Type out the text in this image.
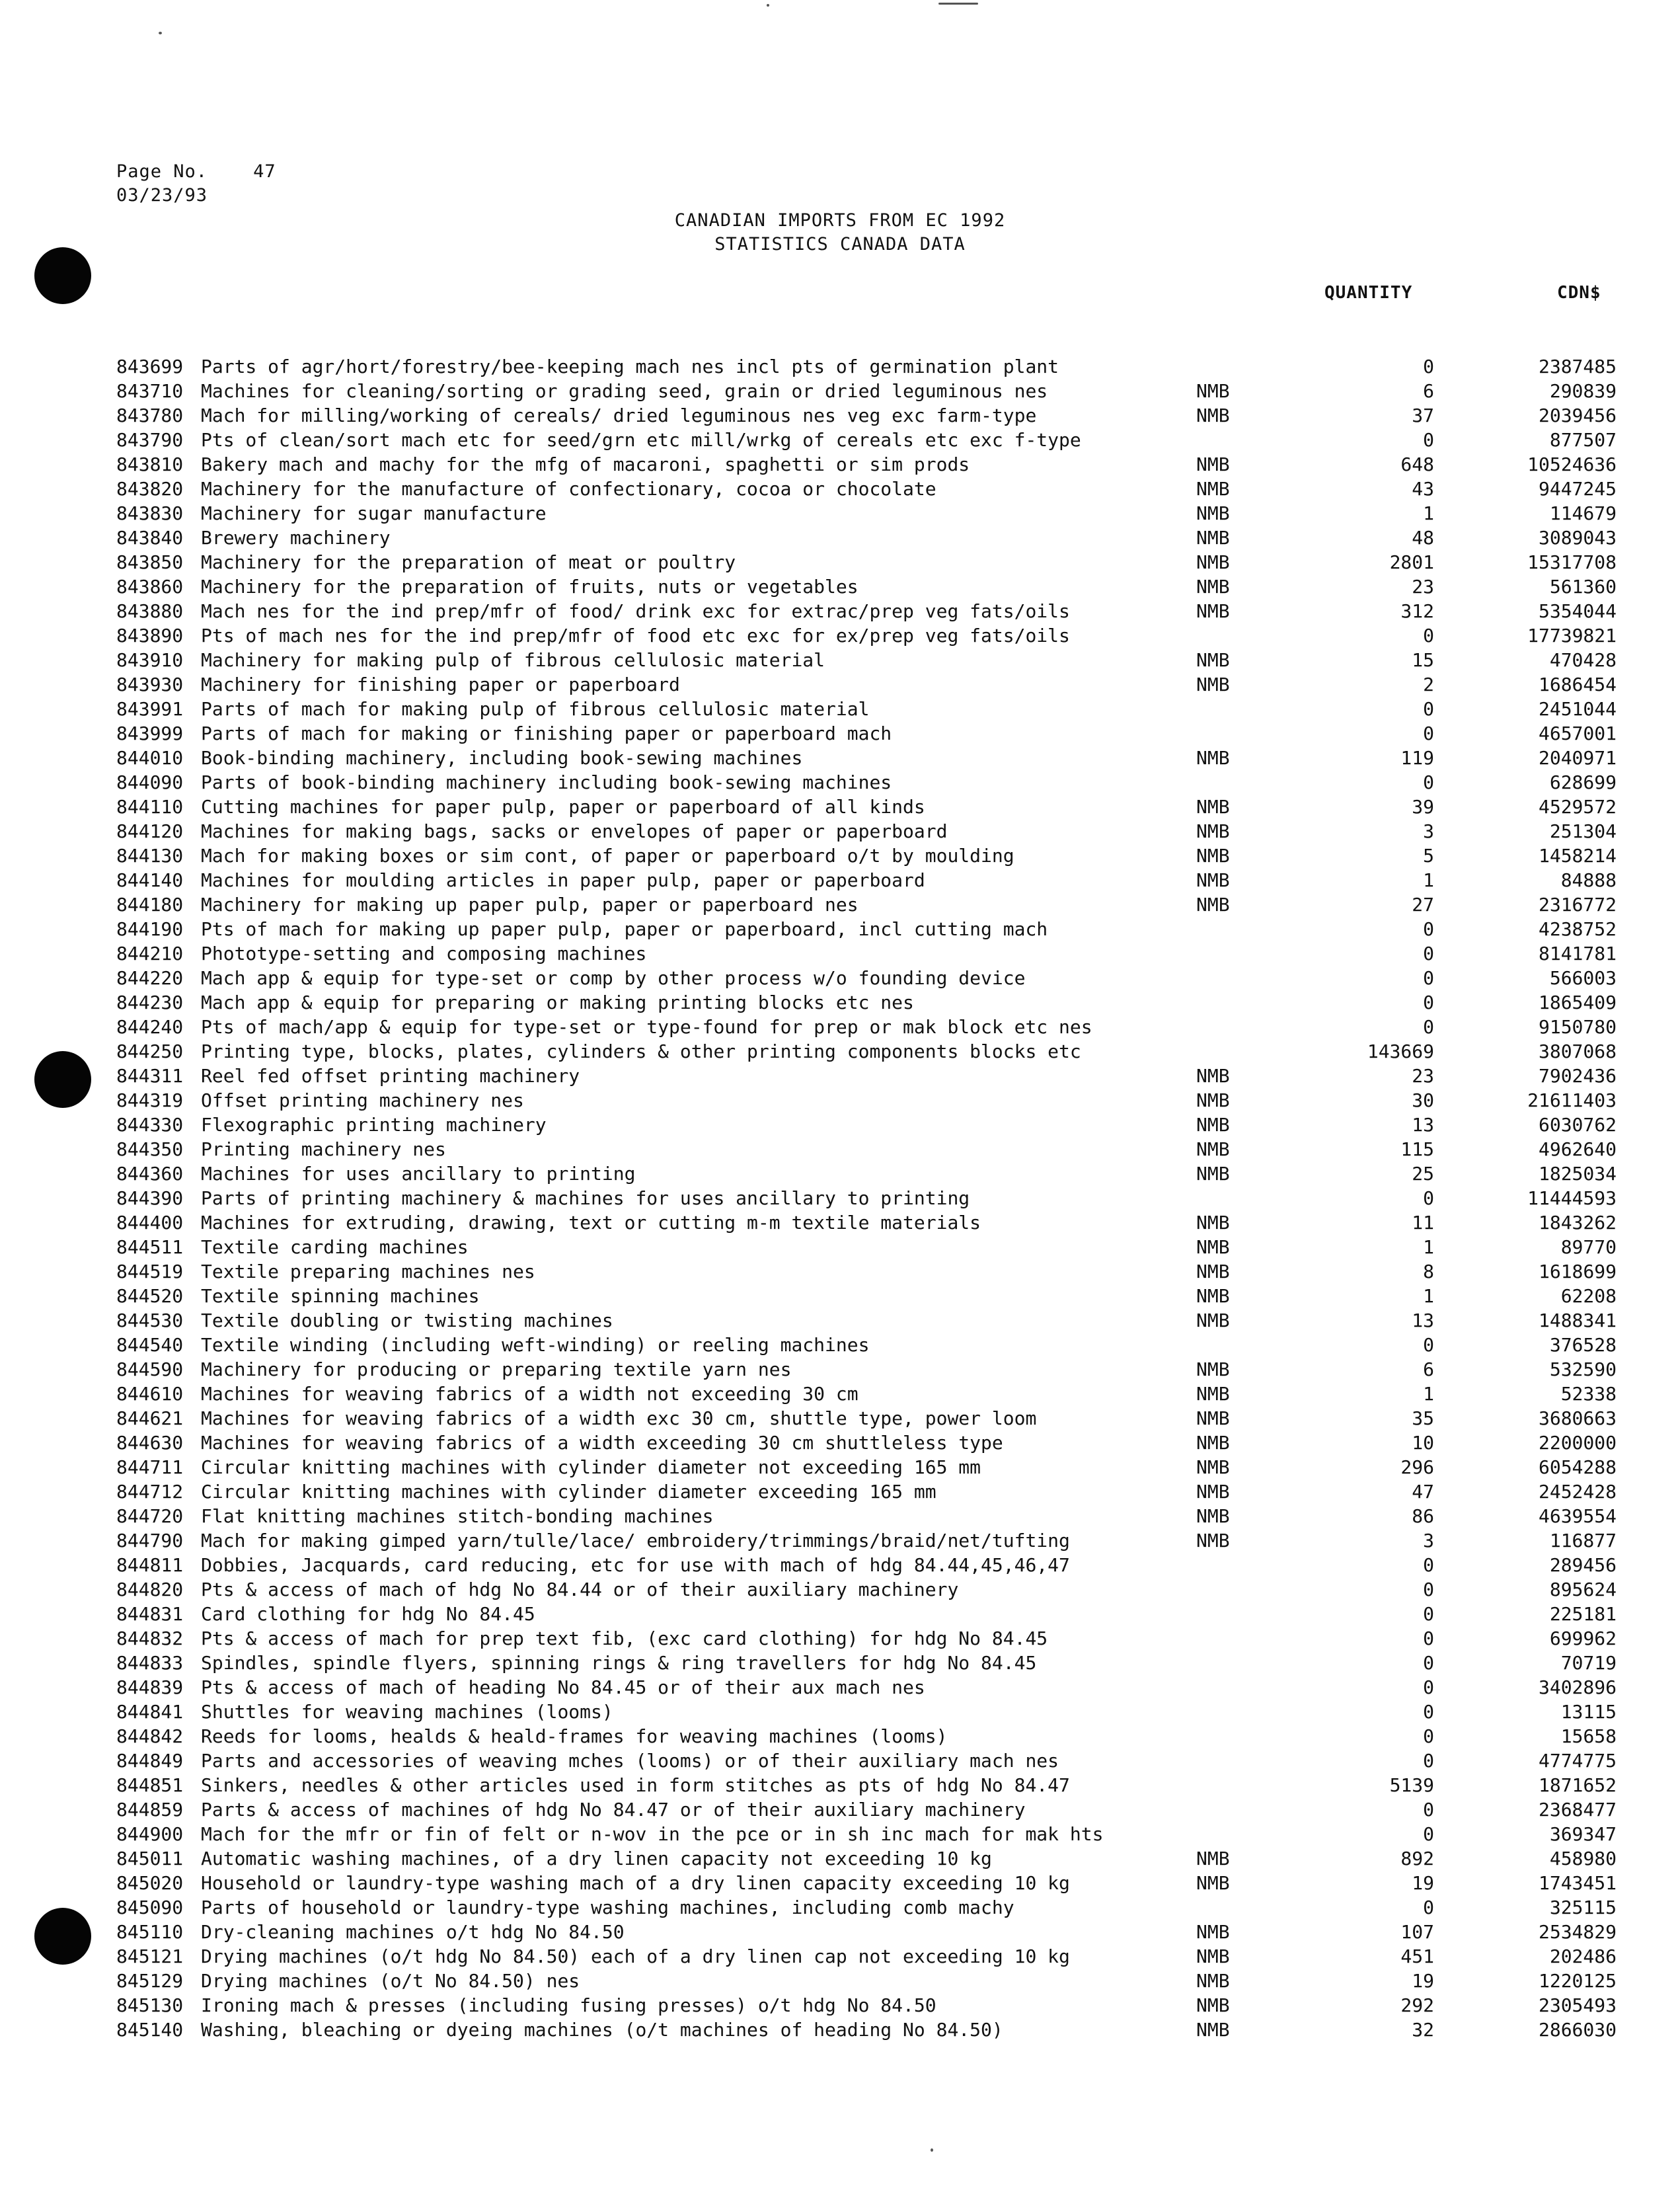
Page No.	47
03/23/93
CANADIAN IMPORTS FROM EC 1992
STATISTICS CANADA DATA
QUANTITY	CDN$
843699 Parts of agr/hort/forestry/bee-keeping mach nes incl pts of germination plant	0	2387485
843710 Machines for cleaning/sorting or grading seed, grain or dried leguminous nes	NMB	6	290839
843780 Mach for milling/working of cereals/ dried leguminous nes veg exc farm-type	NMB	37	2039456
843790 Pts of clean/sort mach etc for seed/grn etc mill/wrkg of cereals etc exc f-type	0	877507
843810 Bakery mach and machy for the mfg of macaroni, spaghetti or sim prods	NMB	648	10524636
843820 Machinery for the manufacture of confectionary, cocoa or chocolate	NMB	43	9447245
843830 Machinery for sugar manufacture	NMB	1	114679
843840 Brewery machinery	NMB	48	3089043
843850 Machinery for the preparation of meat or poultry	NMB	2801	15317708
843860 Machinery for the preparation of fruits, nuts or vegetables	NMB	23	561360
843880 Mach nes for the ind prep/mfr of food/ drink exc for extrac/prep veg fats/oils	NMB	312	5354044
843890 Pts of mach nes for the ind prep/mfr of food etc exc for ex/prep veg fats/oils	0	17739821
843910 Machinery for making pulp of fibrous cellulosic material	NMB	15	470428
843930 Machinery for finishing paper or paperboard	NMB	2	1686454
843991 Parts of mach for making pulp of fibrous cellulosic material	0	2451044
843999 Parts of mach for making or finishing paper or paperboard mach	0	4657001
844010 Book-binding machinery, including book-sewing machines	NMB	119	2040971
844090 Parts of book-binding machinery including book-sewing machines	0	628699
844110 Cutting machines for paper pulp, paper or paperboard of all kinds	NMB	39	4529572
844120 Machines for making bags, sacks or envelopes of paper or paperboard	NMB	3	251304
844130 Mach for making boxes or sim cont, of paper or paperboard o/t by moulding	NMB	5	1458214
844140 Machines for moulding articles in paper pulp, paper or paperboard	NMB	1	84888
844180 Machinery for making up paper pulp, paper or paperboard nes	NMB	27	2316772
844190 Pts of mach for making up paper pulp, paper or paperboard, incl cutting mach	0	4238752
844210 Phototype-setting and composing machines	0	8141781
844220 Mach app & equip for type-set or comp by other process w/o founding device	0	566003
844230 Mach app & equip for preparing or making printing blocks etc nes	0	1865409
844240 Pts of mach/app & equip for type-set or type-found for prep or mak block etc nes	0	9150780
844250 Printing type, blocks, plates, cylinders & other printing components blocks etc	143669	3807068
844311 Reel fed offset printing machinery	NMB	23	7902436
844319 Offset printing machinery nes	NMB	30	21611403
844330 Flexographic printing machinery	NMB	13	6030762
844350 Printing machinery nes	NMB	115	4962640
844360 Machines for uses ancillary to printing	NMB	25	1825034
844390 Parts of printing machinery & machines for uses ancillary to printing	0	11444593
844400 Machines for extruding, drawing, text or cutting m-m textile materials	NMB	11	1843262
844511 Textile carding machines	NMB	1	89770
844519 Textile preparing machines nes	NMB	8	1618699
844520 Textile spinning machines	NMB	1	62208
844530 Textile doubling or twisting machines	NMB	13	1488341
844540 Textile winding (including weft-winding) or reeling machines	0	376528
844590 Machinery for producing or preparing textile yarn nes	NMB	6	532590
844610 Machines for weaving fabrics of a width not exceeding 30 cm	NMB	1	52338
844621 Machines for weaving fabrics of a width exc 30 cm, shuttle type, power loom	NMB	35	3680663
844630 Machines for weaving fabrics of a width exceeding 30 cm shuttleless type	NMB	10	2200000
844711 Circular knitting machines with cylinder diameter not exceeding 165 mm	NMB	296	6054288
844712 Circular knitting machines with cylinder diameter exceeding 165 mm	NMB	47	2452428
844720 Flat knitting machines stitch-bonding machines	NMB	86	4639554
844790 Mach for making gimped yarn/tulle/lace/ embroidery/trimmings/braid/net/tufting	NMB	3	116877
844811 Dobbies, Jacquards, card reducing, etc for use with mach of hdg 84.44,45,46,47	0	289456
844820 Pts & access of mach of hdg No 84.44 or of their auxiliary machinery	0	895624
844831 Card clothing for hdg No 84.45	0	225181
844832 Pts & access of mach for prep text fib, (exc card clothing) for hdg No 84.45	0	699962
844833 Spindles, spindle flyers, spinning rings & ring travellers for hdg No 84.45	0	70719
844839 Pts & access of mach of heading No 84.45 or of their aux mach nes	0	3402896
844841 Shuttles for weaving machines (looms)	0	13115
844842 Reeds for looms, healds & heald-frames for weaving machines (looms)	0	15658
844849 Parts and accessories of weaving mches (looms) or of their auxiliary mach nes	0	4774775
844851 Sinkers, needles & other articles used in form stitches as pts of hdg No 84.47	5139	1871652
844859 Parts & access of machines of hdg No 84.47 or of their auxiliary machinery	0	2368477
844900 Mach for the mfr or fin of felt or n-wov in the pce or in sh inc mach for mak hts	0	369347
845011 Automatic washing machines, of a dry linen capacity not exceeding 10 kg	NMB	892	458980
845020 Household or laundry-type washing mach of a dry linen capacity exceeding 10 kg	NMB	19	1743451
845090 Parts of household or laundry-type washing machines, including comb machy	0	325115
845110 Dry-cleaning machines o/t hdg No 84.50	NMB	107	2534829
845121 Drying machines (o/t hdg No 84.50) each of a dry linen cap not exceeding 10 kg	NMB	451	202486
845129 Drying machines (o/t No 84.50) nes	NMB	19	1220125
845130 Ironing mach & presses (including fusing presses) o/t hdg No 84.50	NMB	292	2305493
845140 Washing, bleaching or dyeing machines (o/t machines of heading No 84.50)	NMB	32	2866030
